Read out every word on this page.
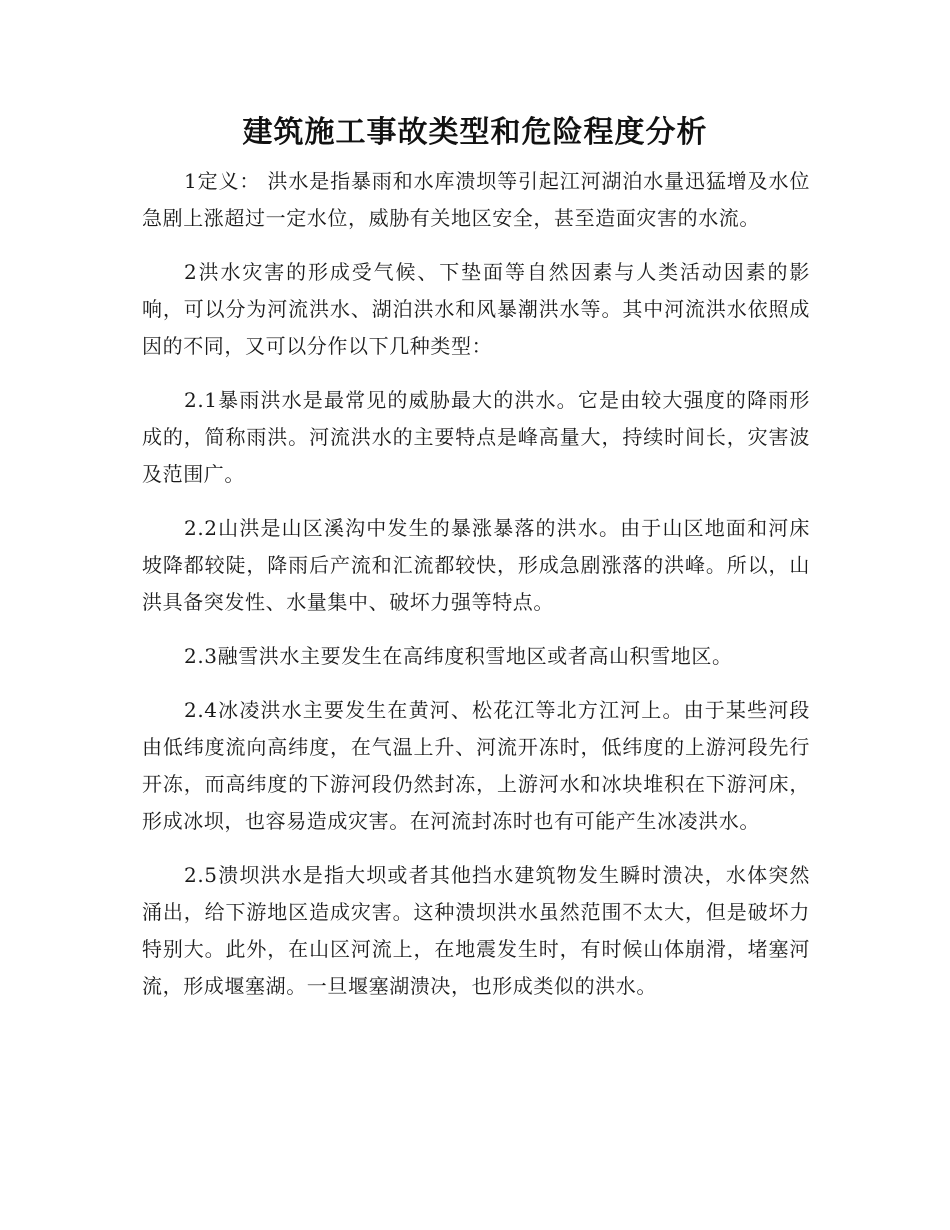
建筑施工事故类型和危险程度分析

1定义： 洪水是指暴雨和水库溃坝等引起江河湖泊水量迅猛增及水位急剧上涨超过一定水位，威胁有关地区安全，甚至造面灾害的水流。

2洪水灾害的形成受气候、下垫面等自然因素与人类活动因素的影响，可以分为河流洪水、湖泊洪水和风暴潮洪水等。其中河流洪水依照成因的不同，又可以分作以下几种类型：

2.1暴雨洪水是最常见的威胁最大的洪水。它是由较大强度的降雨形成的，简称雨洪。河流洪水的主要特点是峰高量大，持续时间长，灾害波及范围广。

2.2山洪是山区溪沟中发生的暴涨暴落的洪水。由于山区地面和河床坡降都较陡，降雨后产流和汇流都较快，形成急剧涨落的洪峰。所以，山洪具备突发性、水量集中、破坏力强等特点。

2.3融雪洪水主要发生在高纬度积雪地区或者高山积雪地区。

2.4冰凌洪水主要发生在黄河、松花江等北方江河上。由于某些河段由低纬度流向高纬度，在气温上升、河流开冻时，低纬度的上游河段先行开冻，而高纬度的下游河段仍然封冻，上游河水和冰块堆积在下游河床，形成冰坝，也容易造成灾害。在河流封冻时也有可能产生冰凌洪水。

2.5溃坝洪水是指大坝或者其他挡水建筑物发生瞬时溃决，水体突然涌出，给下游地区造成灾害。这种溃坝洪水虽然范围不太大，但是破坏力特别大。此外，在山区河流上，在地震发生时，有时候山体崩滑，堵塞河流，形成堰塞湖。一旦堰塞湖溃决，也形成类似的洪水。
